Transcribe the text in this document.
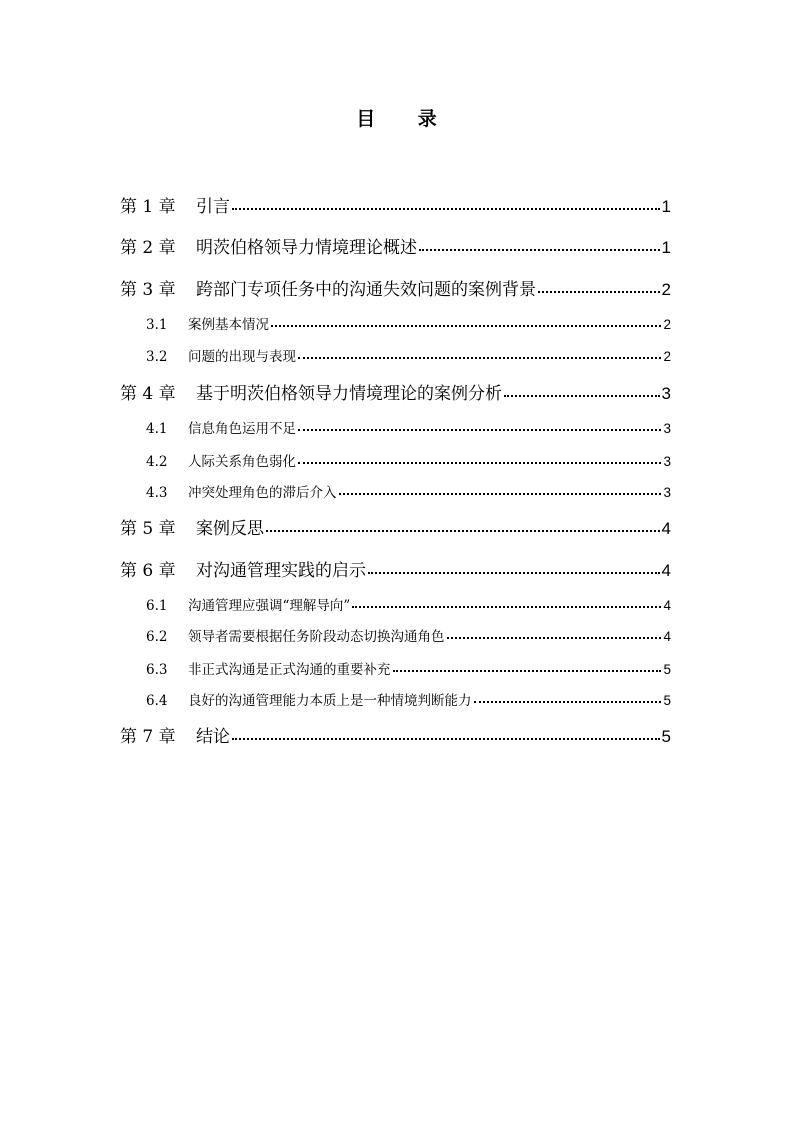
目 录
第 1 章	引言	1
第 2 章	明茨伯格领导力情境理论概述	1
第 3 章	跨部门专项任务中的沟通失效问题的案例背景	2
3.1	案例基本情况	2
3.2	问题的出现与表现	2
第 4 章	基于明茨伯格领导力情境理论的案例分析	3
4.1	信息角色运用不足	3
4.2	人际关系角色弱化	3
4.3	冲突处理角色的滞后介入	3
第 5 章	案例反思	4
第 6 章	对沟通管理实践的启示	4
6.1	沟通管理应强调“理解导向”	4
6.2	领导者需要根据任务阶段动态切换沟通角色	4
6.3	非正式沟通是正式沟通的重要补充	5
6.4	良好的沟通管理能力本质上是一种情境判断能力	5
第 7 章	结论	5
